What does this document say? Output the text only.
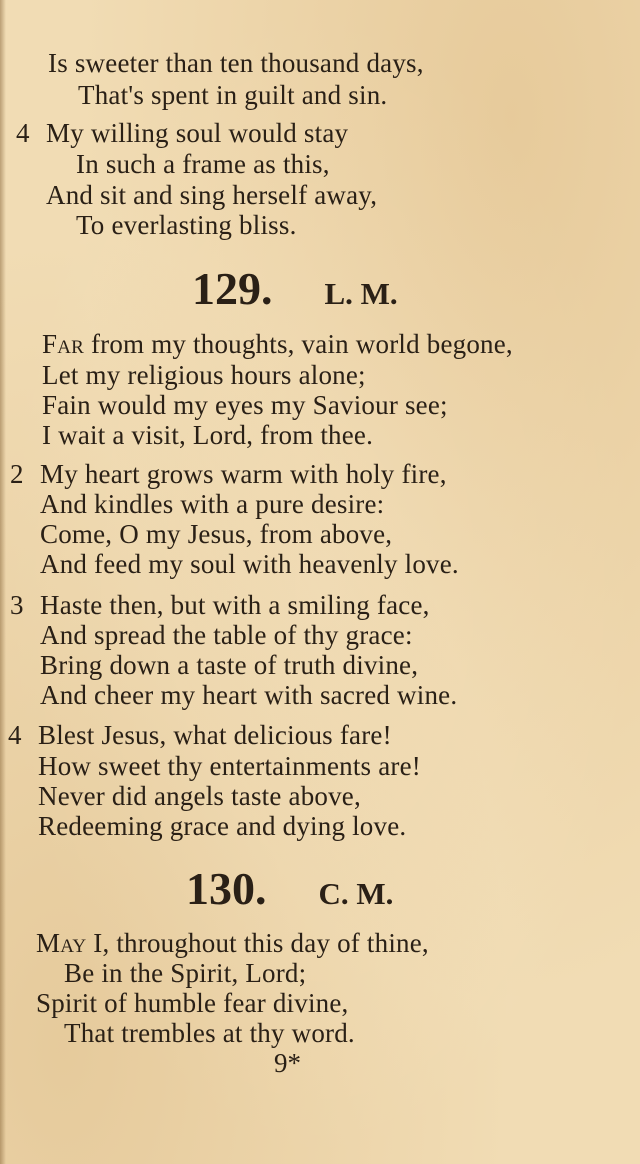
Is sweeter than ten thousand days,
That's spent in guilt and sin.
4 My willing soul would stay
In such a frame as this,
And sit and sing herself away,
To everlasting bliss.
129. L. M.
Far from my thoughts, vain world begone,
Let my religious hours alone;
Fain would my eyes my Saviour see;
I wait a visit, Lord, from thee.
2 My heart grows warm with holy fire,
And kindles with a pure desire:
Come, O my Jesus, from above,
And feed my soul with heavenly love.
3 Haste then, but with a smiling face,
And spread the table of thy grace:
Bring down a taste of truth divine,
And cheer my heart with sacred wine.
4 Blest Jesus, what delicious fare!
How sweet thy entertainments are!
Never did angels taste above,
Redeeming grace and dying love.
130. C. M.
May I, throughout this day of thine,
Be in the Spirit, Lord;
Spirit of humble fear divine,
That trembles at thy word.
9*
